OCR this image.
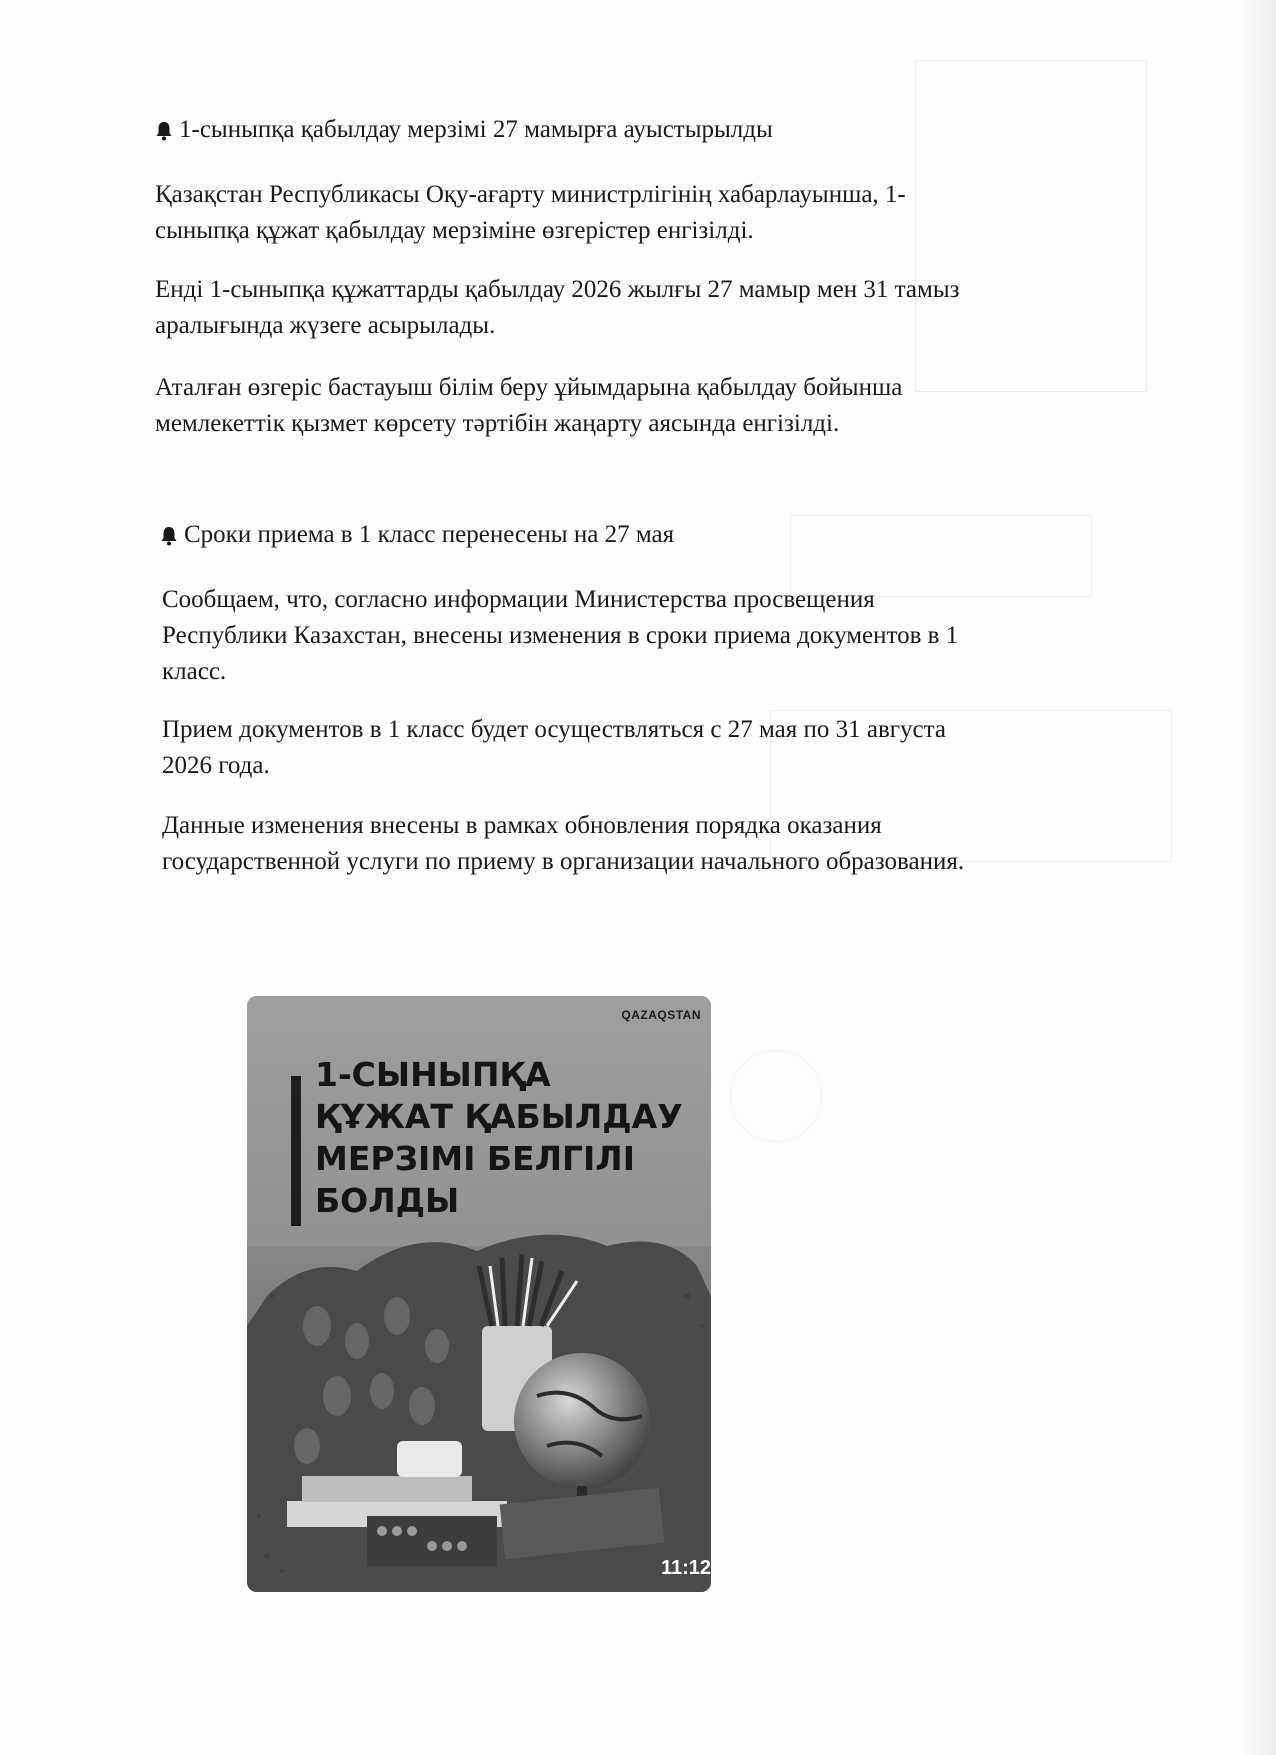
1-сыныпқа қабылдау мерзімі 27 мамырға ауыстырылды

Қазақстан Республикасы Оқу-ағарту министрлігінің хабарлауынша, 1-

сыныпқа құжат қабылдау мерзіміне өзгерістер енгізілді.

Енді 1-сыныпқа құжаттарды қабылдау 2026 жылғы 27 мамыр мен 31 тамыз

аралығында жүзеге асырылады.

Аталған өзгеріс бастауыш білім беру ұйымдарына қабылдау бойынша

мемлекеттік қызмет көрсету тәртібін жаңарту аясында енгізілді.

Сроки приема в 1 класс перенесены на 27 мая

Сообщаем, что, согласно информации Министерства просвещения

Республики Казахстан, внесены изменения в сроки приема документов в 1

класс.

Прием документов в 1 класс будет осуществляться с 27 мая по 31 августа

2026 года.

Данные изменения внесены в рамках обновления порядка оказания

государственной услуги по приему в организации начального образования.

QAZAQSTAN
1-СЫНЫПҚА
ҚҰЖАТ ҚАБЫЛДАУ
МЕРЗІМІ БЕЛГІЛІ
БОЛДЫ
11:12
